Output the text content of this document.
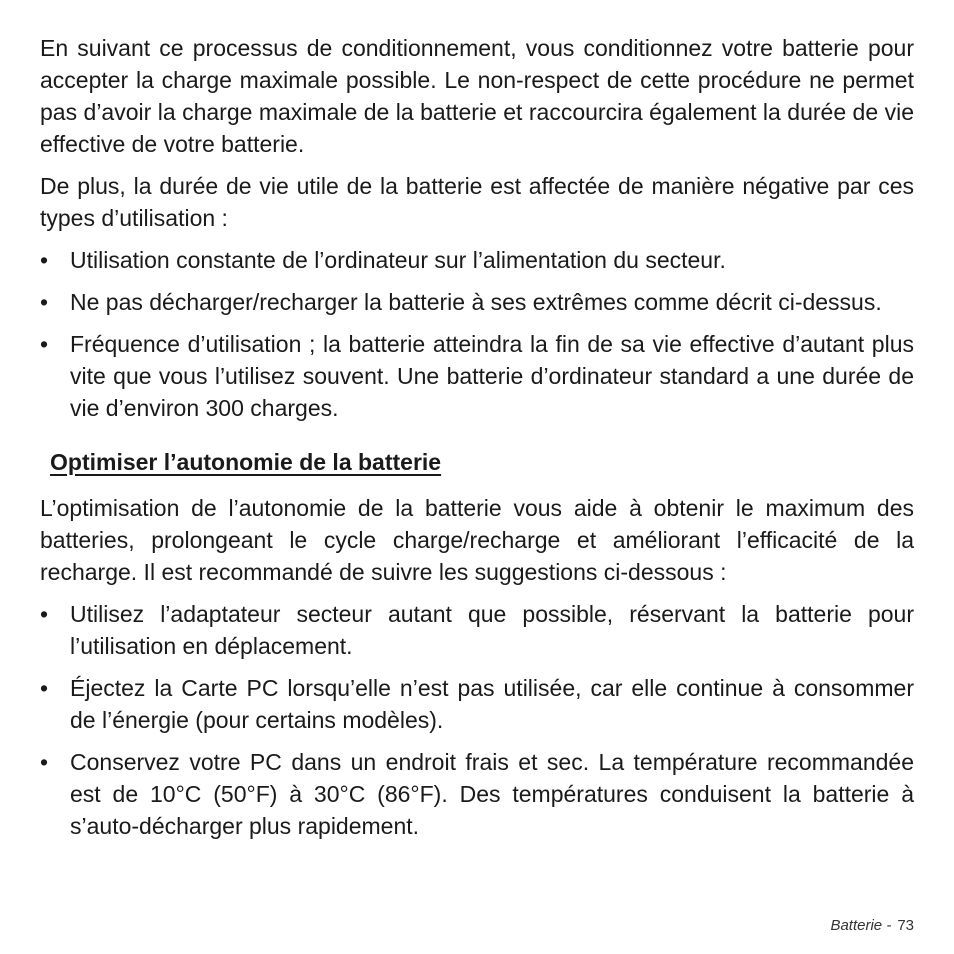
En suivant ce processus de conditionnement, vous conditionnez votre batterie pour accepter la charge maximale possible. Le non-respect de cette procédure ne permet pas d’avoir la charge maximale de la batterie et raccourcira également la durée de vie effective de votre batterie.

De plus, la durée de vie utile de la batterie est affectée de manière négative par ces types d’utilisation :

• Utilisation constante de l’ordinateur sur l’alimentation du secteur.
• Ne pas décharger/recharger la batterie à ses extrêmes comme décrit ci-dessus.
• Fréquence d’utilisation ; la batterie atteindra la fin de sa vie effective d’autant plus vite que vous l’utilisez souvent. Une batterie d’ordinateur standard a une durée de vie d’environ 300 charges.
Optimiser l’autonomie de la batterie

L’optimisation de l’autonomie de la batterie vous aide à obtenir le maximum des batteries, prolongeant le cycle charge/recharge et améliorant l’efficacité de la recharge. Il est recommandé de suivre les suggestions ci-dessous :

• Utilisez l’adaptateur secteur autant que possible, réservant la batterie pour l’utilisation en déplacement.
• Éjectez la Carte PC lorsqu’elle n’est pas utilisée, car elle continue à consommer de l’énergie (pour certains modèles).
• Conservez votre PC dans un endroit frais et sec. La température recommandée est de 10°C (50°F) à 30°C (86°F). Des températures conduisent la batterie à s’auto-décharger plus rapidement.
Batterie - 73
